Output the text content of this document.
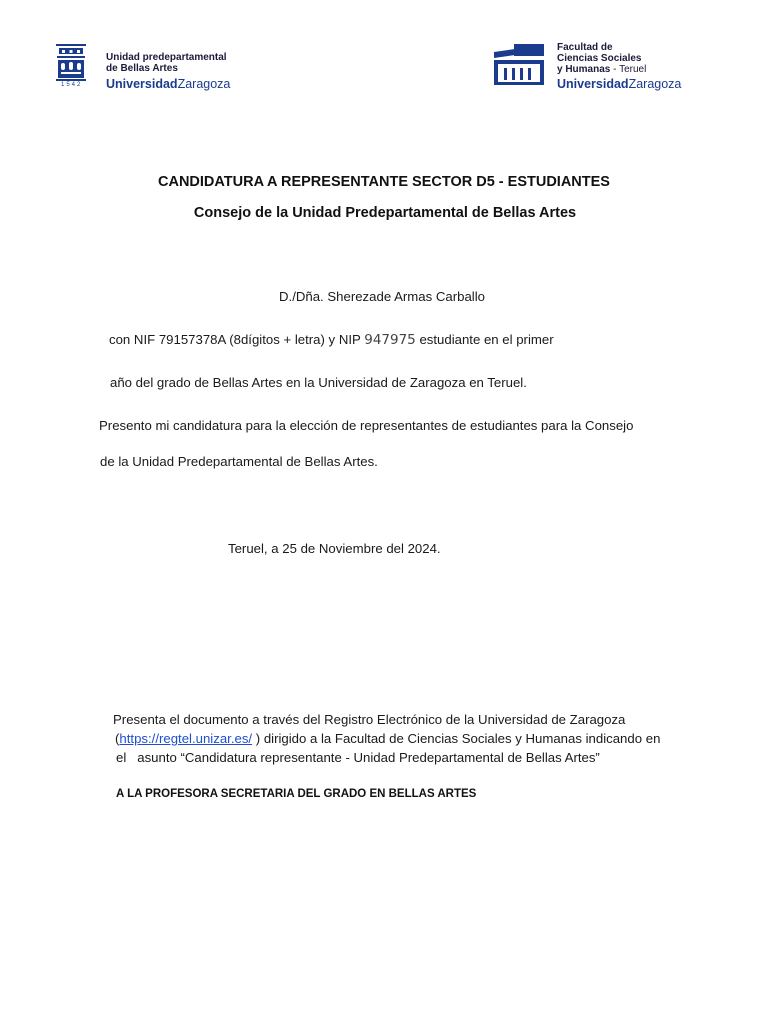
1542
Unidad predepartamental
de Bellas Artes
UniversidadZaragoza
Facultad de
Ciencias Sociales
y Humanas - Teruel
UniversidadZaragoza
CANDIDATURA A REPRESENTANTE SECTOR D5 - ESTUDIANTES
Consejo de la Unidad Predepartamental de Bellas Artes
D./Dña. Sherezade Armas Carballo
con NIF 79157378A (8dígitos + letra) y NIP 947975 estudiante en el primer
año del grado de Bellas Artes en la Universidad de Zaragoza en Teruel.
Presento mi candidatura para la elección de representantes de estudiantes para la Consejo
de la Unidad Predepartamental de Bellas Artes.
Teruel, a 25 de Noviembre del 2024.
Presenta el documento a través del Registro Electrónico de la Universidad de Zaragoza
(https://regtel.unizar.es/ ) dirigido a la Facultad de Ciencias Sociales y Humanas indicando en
el   asunto “Candidatura representante - Unidad Predepartamental de Bellas Artes”
A LA PROFESORA SECRETARIA DEL GRADO EN BELLAS ARTES
